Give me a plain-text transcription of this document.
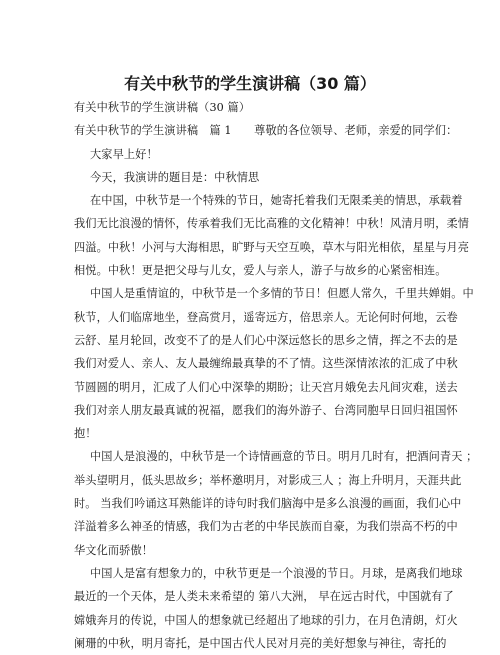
有关中秋节的学生演讲稿（30 篇）
有关中秋节的学生演讲稿（30 篇）
有关中秋节的学生演讲稿　篇 1　　尊敬的各位领导、老师，亲爱的同学们：
大家早上好！
今天，我演讲的题目是：中秋情思
在中国，中秋节是一个特殊的节日，她寄托着我们无限柔美的情思，承载着
我们无比浪漫的情怀，传承着我们无比高雅的文化精神！中秋！风清月明，柔情
四溢。中秋！小河与大海相思，旷野与天空互唤，草木与阳光相依，星星与月亮
相悦。中秋！更是把父母与儿女，爱人与亲人，游子与故乡的心紧密相连。
中国人是重情谊的，中秋节是一个多情的节日！但愿人常久，千里共婵娟。中
秋节，人们临席地坐，登高赏月，遥寄远方，倍思亲人。无论何时何地，云卷
云舒、星月轮回，改变不了的是人们心中深远悠长的思乡之情，挥之不去的是
我们对爱人、亲人、友人最缠绵最真挚的不了情。这些深情浓浓的汇成了中秋
节圆圆的明月，汇成了人们心中深挚的期盼；让天宫月娥免去凡间灾难，送去
我们对亲人朋友最真诚的祝福，愿我们的海外游子、台湾同胞早日回归祖国怀
抱！
中国人是浪漫的，中秋节是一个诗情画意的节日。明月几时有，把酒问青天 ；
举头望明月，低头思故乡；举杯邀明月，对影成三人 ；海上升明月，天涯共此
时。 当我们吟诵这耳熟能详的诗句时我们脑海中是多么浪漫的画面，我们心中
洋溢着多么神圣的情感，我们为古老的中华民族而自豪，为我们崇高不朽的中
华文化而骄傲！
中国人是富有想象力的，中秋节更是一个浪漫的节日。月球，是离我们地球
最近的一个天体，是人类未来希望的 第八大洲， 早在远古时代，中国就有了
嫦娥奔月的传说，中国人的想象就已经超出了地球的引力，在月色清朗，灯火
阑珊的中秋，明月寄托，是中国古代人民对月亮的美好想象与神往，寄托的
